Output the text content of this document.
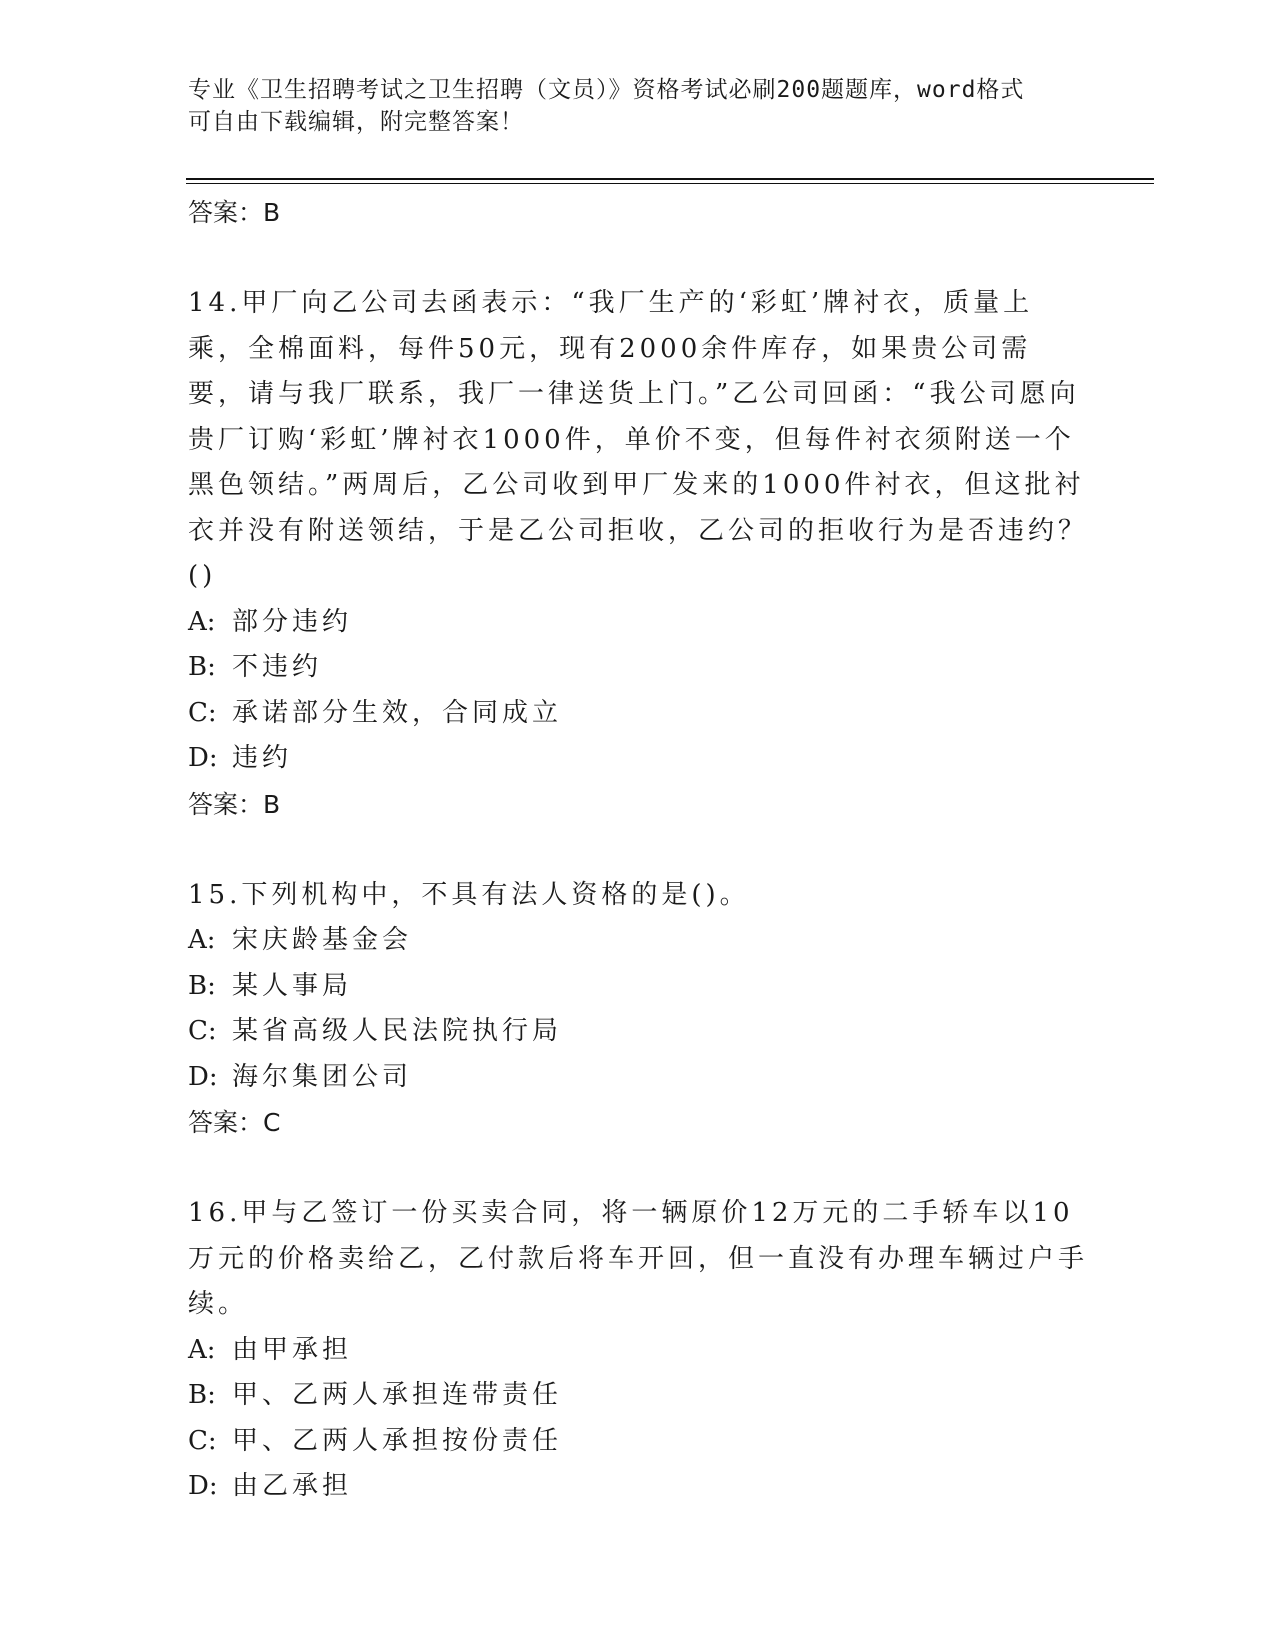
专业《卫生招聘考试之卫生招聘（文员）》资格考试必刷200题题库，word格式
可自由下载编辑，附完整答案！
答案：B
14.甲厂向乙公司去函表示：“我厂生产的‘彩虹’牌衬衣，质量上乘，全棉面料，每件50元，现有2000余件库存，如果贵公司需要，请与我厂联系，我厂一律送货上门。”乙公司回函：“我公司愿向贵厂订购‘彩虹’牌衬衣1000件，单价不变，但每件衬衣须附送一个黑色领结。”两周后，乙公司收到甲厂发来的1000件衬衣，但这批衬衣并没有附送领结，于是乙公司拒收，乙公司的拒收行为是否违约？()
A: 部分违约
B: 不违约
C: 承诺部分生效，合同成立
D: 违约
答案：B
15.下列机构中，不具有法人资格的是()。
A: 宋庆龄基金会
B: 某人事局
C: 某省高级人民法院执行局
D: 海尔集团公司
答案：C
16.甲与乙签订一份买卖合同，将一辆原价12万元的二手轿车以10万元的价格卖给乙，乙付款后将车开回，但一直没有办理车辆过户手续。
A: 由甲承担
B: 甲、乙两人承担连带责任
C: 甲、乙两人承担按份责任
D: 由乙承担
